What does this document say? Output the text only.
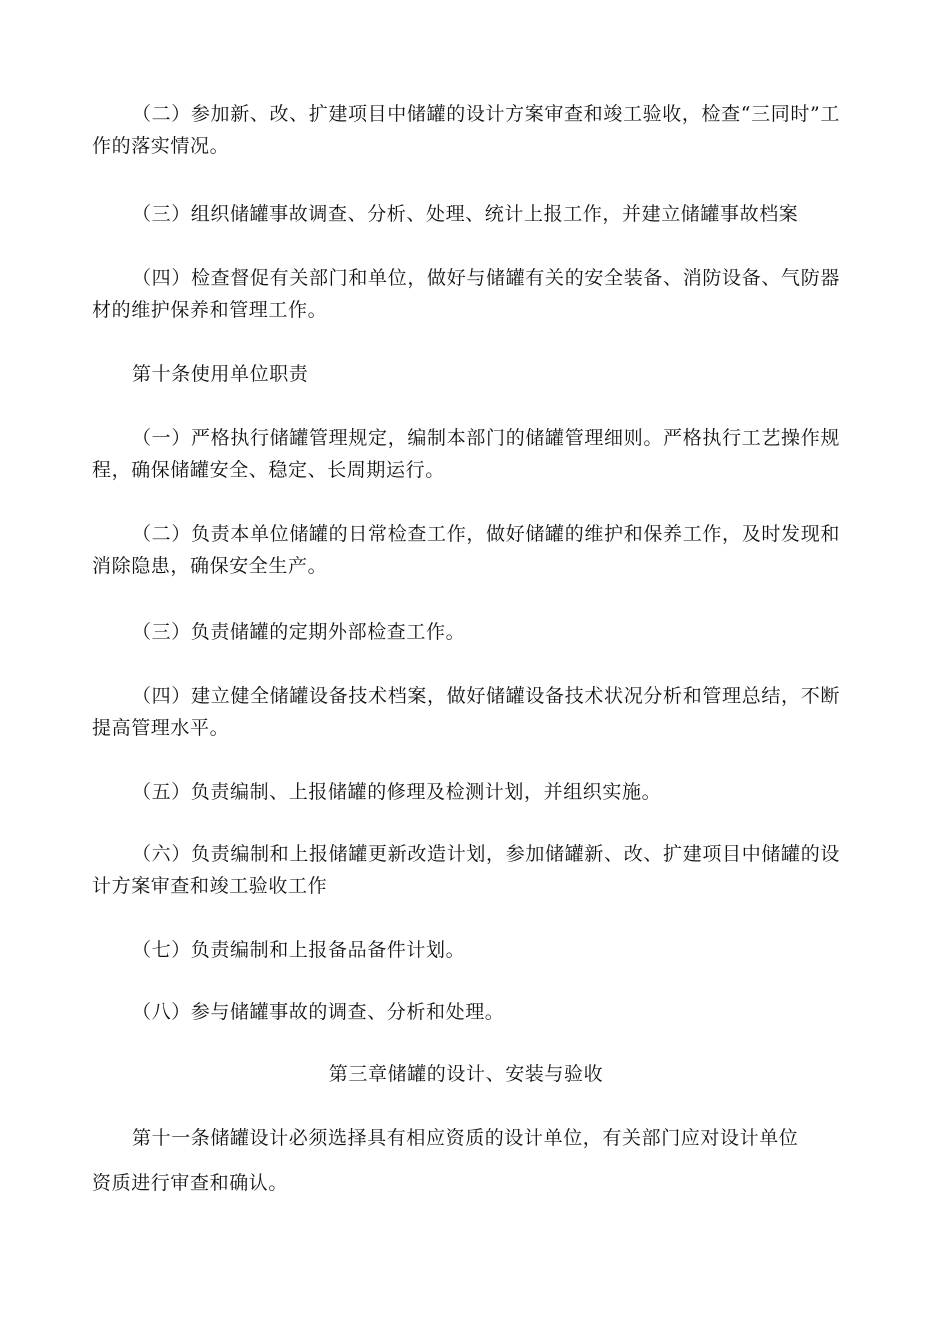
（二）参加新、改、扩建项目中储罐的设计方案审查和竣工验收，检查“三同时”工作的落实情况。

（三）组织储罐事故调查、分析、处理、统计上报工作，并建立储罐事故档案

（四）检查督促有关部门和单位，做好与储罐有关的安全装备、消防设备、气防器材的维护保养和管理工作。

第十条使用单位职责

（一）严格执行储罐管理规定，编制本部门的储罐管理细则。严格执行工艺操作规程，确保储罐安全、稳定、长周期运行。

（二）负责本单位储罐的日常检查工作，做好储罐的维护和保养工作，及时发现和消除隐患，确保安全生产。

（三）负责储罐的定期外部检查工作。

（四）建立健全储罐设备技术档案，做好储罐设备技术状况分析和管理总结，不断提高管理水平。

（五）负责编制、上报储罐的修理及检测计划，并组织实施。

（六）负责编制和上报储罐更新改造计划，参加储罐新、改、扩建项目中储罐的设计方案审查和竣工验收工作

（七）负责编制和上报备品备件计划。

（八）参与储罐事故的调查、分析和处理。

第三章储罐的设计、安装与验收

第十一条储罐设计必须选择具有相应资质的设计单位，有关部门应对设计单位资质进行审查和确认。
